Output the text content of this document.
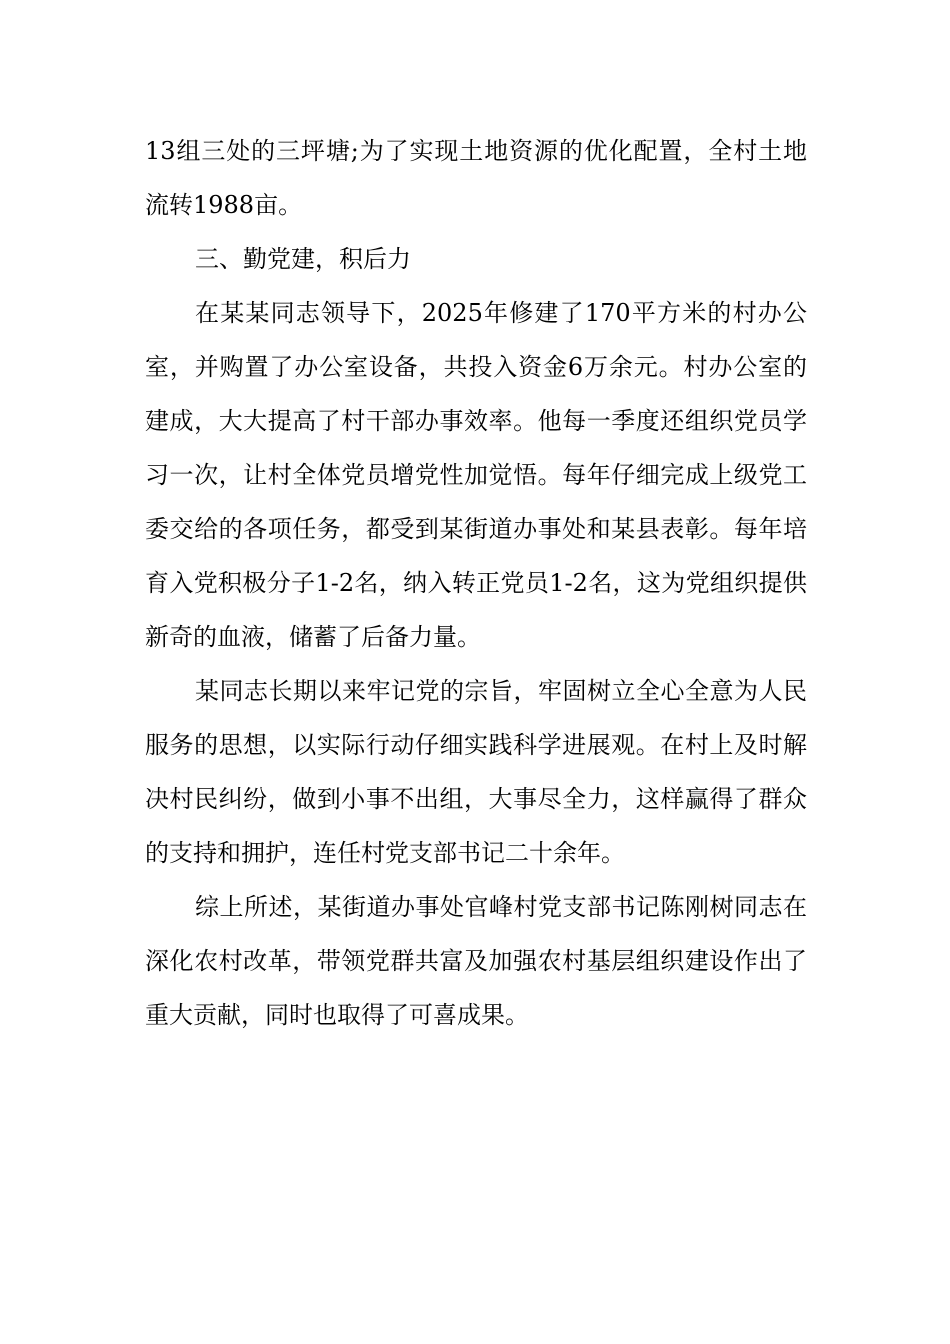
13组三处的三坪塘;为了实现土地资源的优化配置，全村土地流转1988亩。

三、勤党建，积后力

在某某同志领导下，2025年修建了170平方米的村办公室，并购置了办公室设备，共投入资金6万余元。村办公室的建成，大大提高了村干部办事效率。他每一季度还组织党员学习一次，让村全体党员增党性加觉悟。每年仔细完成上级党工委交给的各项任务，都受到某街道办事处和某县表彰。每年培育入党积极分子1-2名，纳入转正党员1-2名，这为党组织提供新奇的血液，储蓄了后备力量。

某同志长期以来牢记党的宗旨，牢固树立全心全意为人民服务的思想，以实际行动仔细实践科学进展观。在村上及时解决村民纠纷，做到小事不出组，大事尽全力，这样赢得了群众的支持和拥护，连任村党支部书记二十余年。

综上所述，某街道办事处官峰村党支部书记陈刚树同志在深化农村改革，带领党群共富及加强农村基层组织建设作出了重大贡献，同时也取得了可喜成果。
